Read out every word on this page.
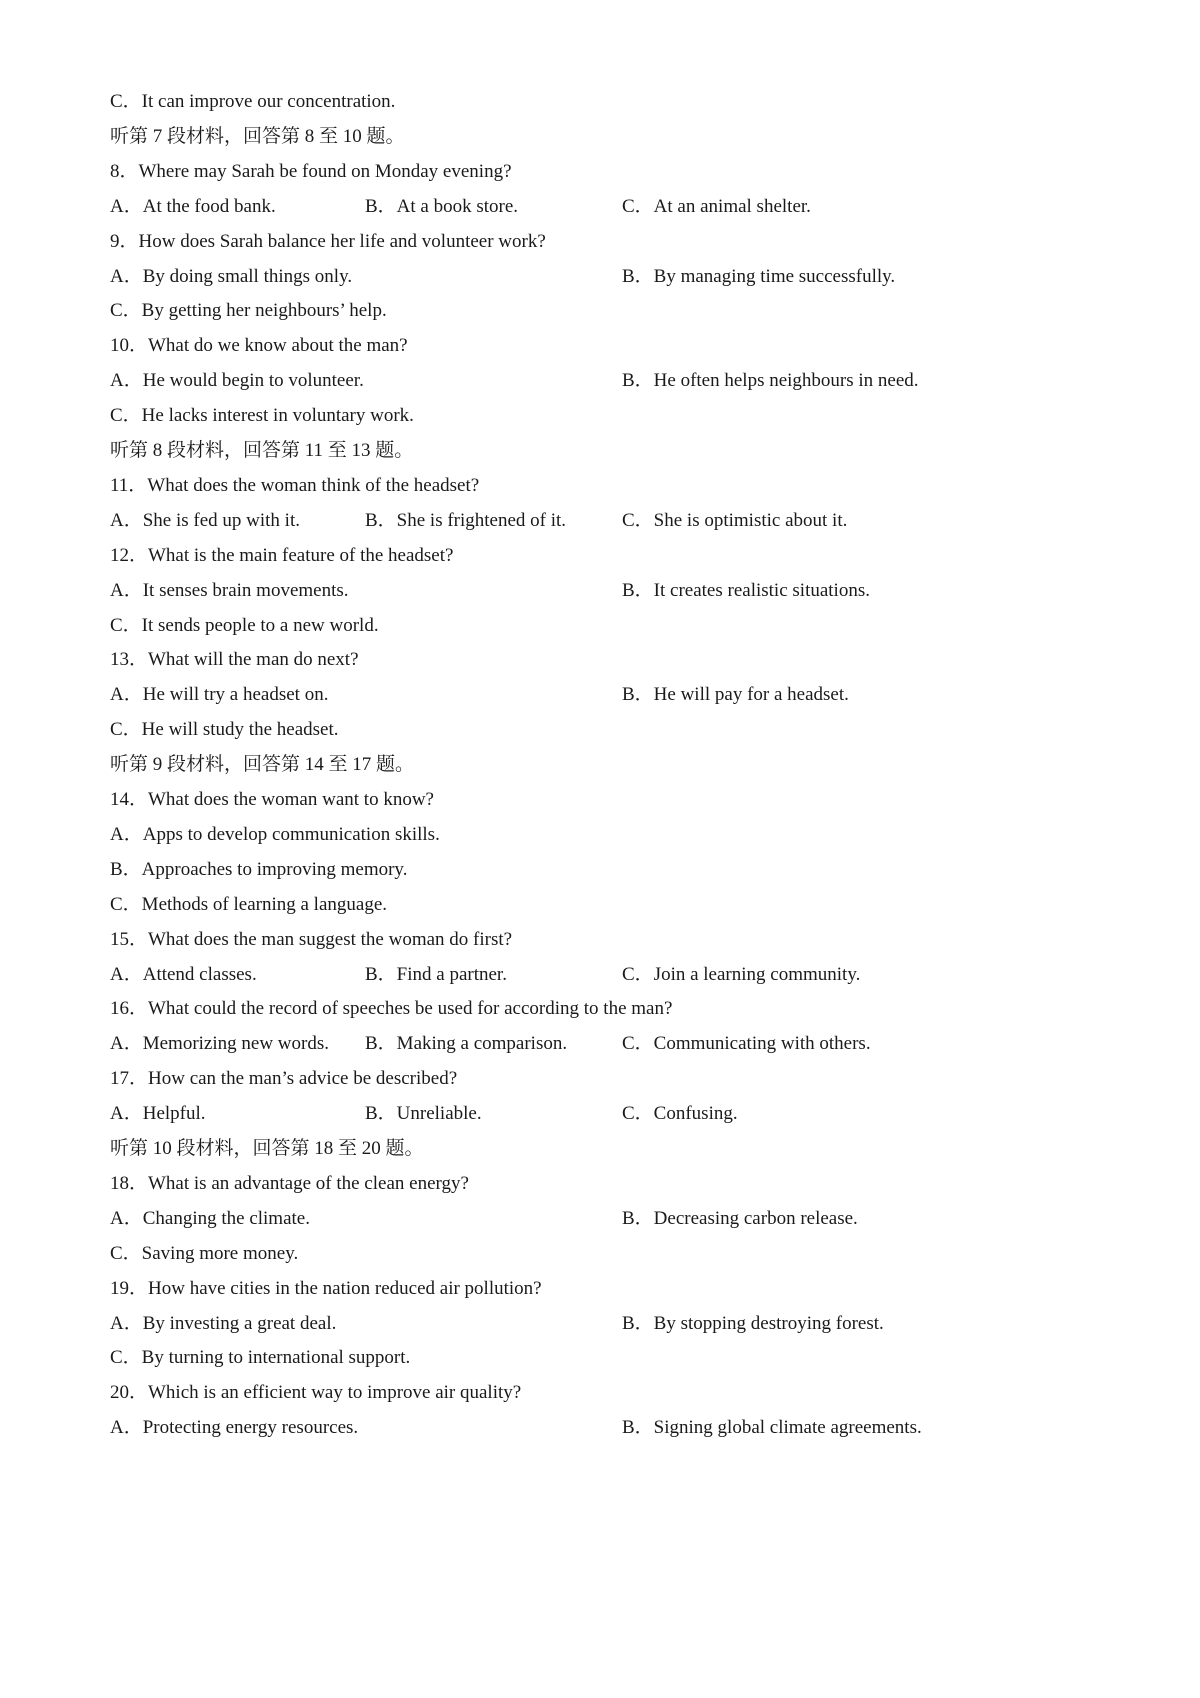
C．It can improve our concentration.
听第 7 段材料，回答第 8 至 10 题。
8．Where may Sarah be found on Monday evening?
A．At the food bank.	B．At a book store.	C．At an animal shelter.
9．How does Sarah balance her life and volunteer work?
A．By doing small things only.	B．By managing time successfully.
C．By getting her neighbours’ help.
10．What do we know about the man?
A．He would begin to volunteer.	B．He often helps neighbours in need.
C．He lacks interest in voluntary work.
听第 8 段材料，回答第 11 至 13 题。
11．What does the woman think of the headset?
A．She is fed up with it.	B．She is frightened of it.	C．She is optimistic about it.
12．What is the main feature of the headset?
A．It senses brain movements.	B．It creates realistic situations.
C．It sends people to a new world.
13．What will the man do next?
A．He will try a headset on.	B．He will pay for a headset.
C．He will study the headset.
听第 9 段材料，回答第 14 至 17 题。
14．What does the woman want to know?
A．Apps to develop communication skills.
B．Approaches to improving memory.
C．Methods of learning a language.
15．What does the man suggest the woman do first?
A．Attend classes.	B．Find a partner.	C．Join a learning community.
16．What could the record of speeches be used for according to the man?
A．Memorizing new words. B．Making a comparison.	C．Communicating with others.
17．How can the man’s advice be described?
A．Helpful.	B．Unreliable.	C．Confusing.
听第 10 段材料，回答第 18 至 20 题。
18．What is an advantage of the clean energy?
A．Changing the climate.	B．Decreasing carbon release.
C．Saving more money.
19．How have cities in the nation reduced air pollution?
A．By investing a great deal.	B．By stopping destroying forest.
C．By turning to international support.
20．Which is an efficient way to improve air quality?
A．Protecting energy resources.	B．Signing global climate agreements.
